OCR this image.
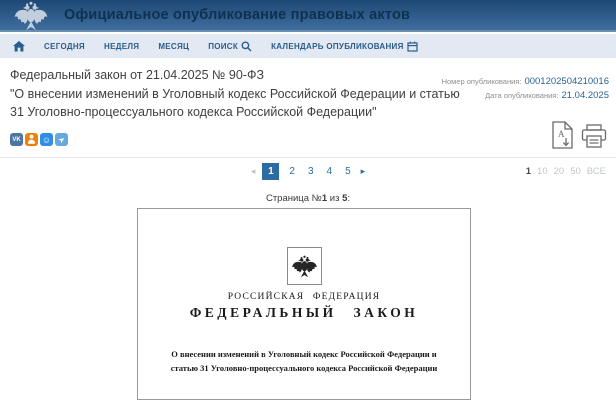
Официальное опубликование правовых актов
СЕГОДНЯ НЕДЕЛЯ МЕСЯЦ ПОИСК	КАЛЕНДАРЬ ОПУБЛИКОВАНИЯ
Федеральный закон от 21.04.2025 № 90-ФЗ
"О внесении изменений в Уголовный кодекс Российской Федерации и статью 31 Уголовно-процессуального кодекса Российской Федерации"
Номер опубликования: 0001202504210016
Дата опубликования: 21.04.2025
VK ☺ ➤
A
◂	1	2	3	4	5	▸	1 10 20 50 ВСЕ
Страница №1 из 5:
РОССИЙСКАЯ ФЕДЕРАЦИЯ
ФЕДЕРАЛЬНЫЙ ЗАКОН
О внесении изменений в Уголовный кодекс Российской Федерации и
статью 31 Уголовно-процессуального кодекса Российской Федерации
